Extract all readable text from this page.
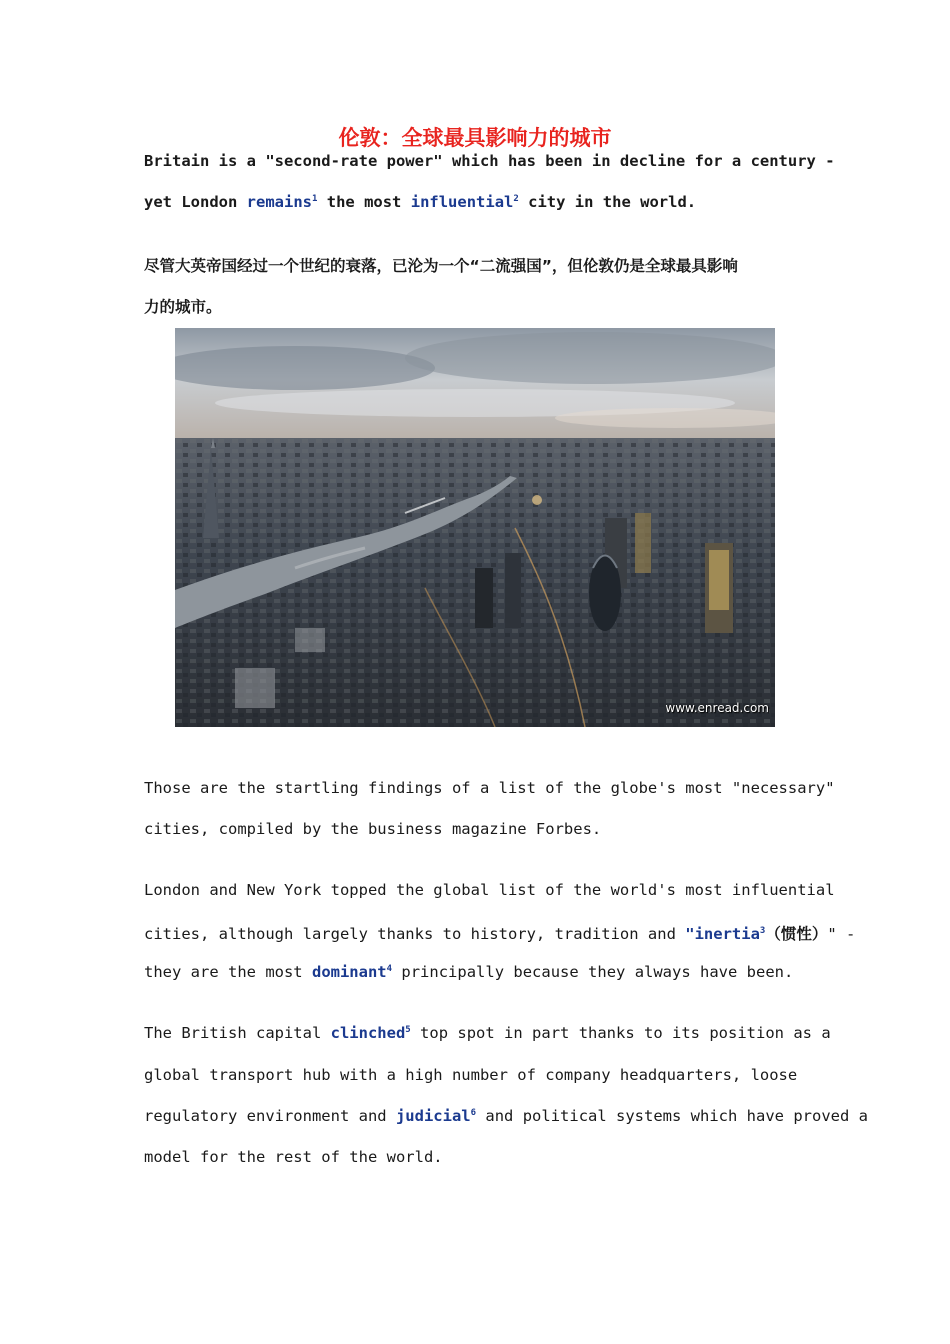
伦敦：全球最具影响力的城市
Britain is a "second-rate power" which has been in decline for a century -
yet London remains$^1$ the most influential$^2$ city in the world.
尽管大英帝国经过一个世纪的衰落，已沦为一个“二流强国”，但伦敦仍是全球最具影响
力的城市。
www.enread.com
Those are the startling findings of a list of the globe's most "necessary"
cities, compiled by the business magazine Forbes.
London and New York topped the global list of the world's most influential
cities, although largely thanks to history, tradition and "inertia$^3$（惯性）" -
they are the most dominant$^4$ principally because they always have been.
The British capital clinched$^5$ top spot in part thanks to its position as a
global transport hub with a high number of company headquarters, loose
regulatory environment and judicial$^6$ and political systems which have proved a
model for the rest of the world.
